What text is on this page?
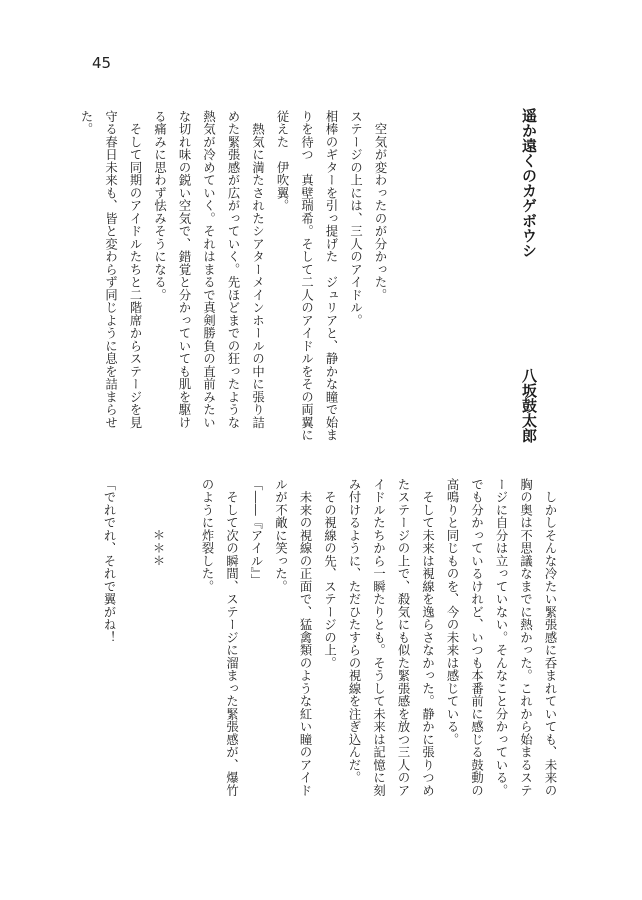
45
遥か遠くのカゲボウシ
八坂鼓太郎
　空気が変わったのが分かった。
ステージの上には、三人のアイドル。
相棒のギターを引っ提げた　ジュリアと、静かな瞳で始ま
りを待つ　真壁瑞希。そして二人のアイドルをその両翼に
従えた　伊吹翼。
　熱気に満たされたシアターメインホールの中に張り詰
めた緊張感が広がっていく。先ほどまでの狂ったような
熱気が冷めていく。それはまるで真剣勝負の直前みたい
な切れ味の鋭い空気で、錯覚と分かっていても肌を駆け
る痛みに思わず怯みそうになる。
　そして同期のアイドルたちと二階席からステージを見
守る春日未来も、皆と変わらず同じように息を詰まらせ
た。
　しかしそんな冷たい緊張感に呑まれていても、未来の
胸の奥は不思議なまでに熱かった。これから始まるステ
ージに自分は立っていない。そんなこと分かっている。
でも分かっているけれど、いつも本番前に感じる鼓動の
高鳴りと同じものを、今の未来は感じている。
　そして未来は視線を逸らさなかった。静かに張りつめ
たステージの上で、殺気にも似た緊張感を放つ三人のア
イドルたちから一瞬たりとも。そうして未来は記憶に刻
み付けるように、ただひたすらの視線を注ぎ込んだ。
　その視線の先、ステージの上。
　未来の視線の正面で、猛禽類のような紅い瞳のアイド
ルが不敵に笑った。
「――『アイル』」
　そして次の瞬間、ステージに溜まった緊張感が、爆竹
のように炸裂した。

　　　　＊＊＊

「でれでれ、それで翼がね！
